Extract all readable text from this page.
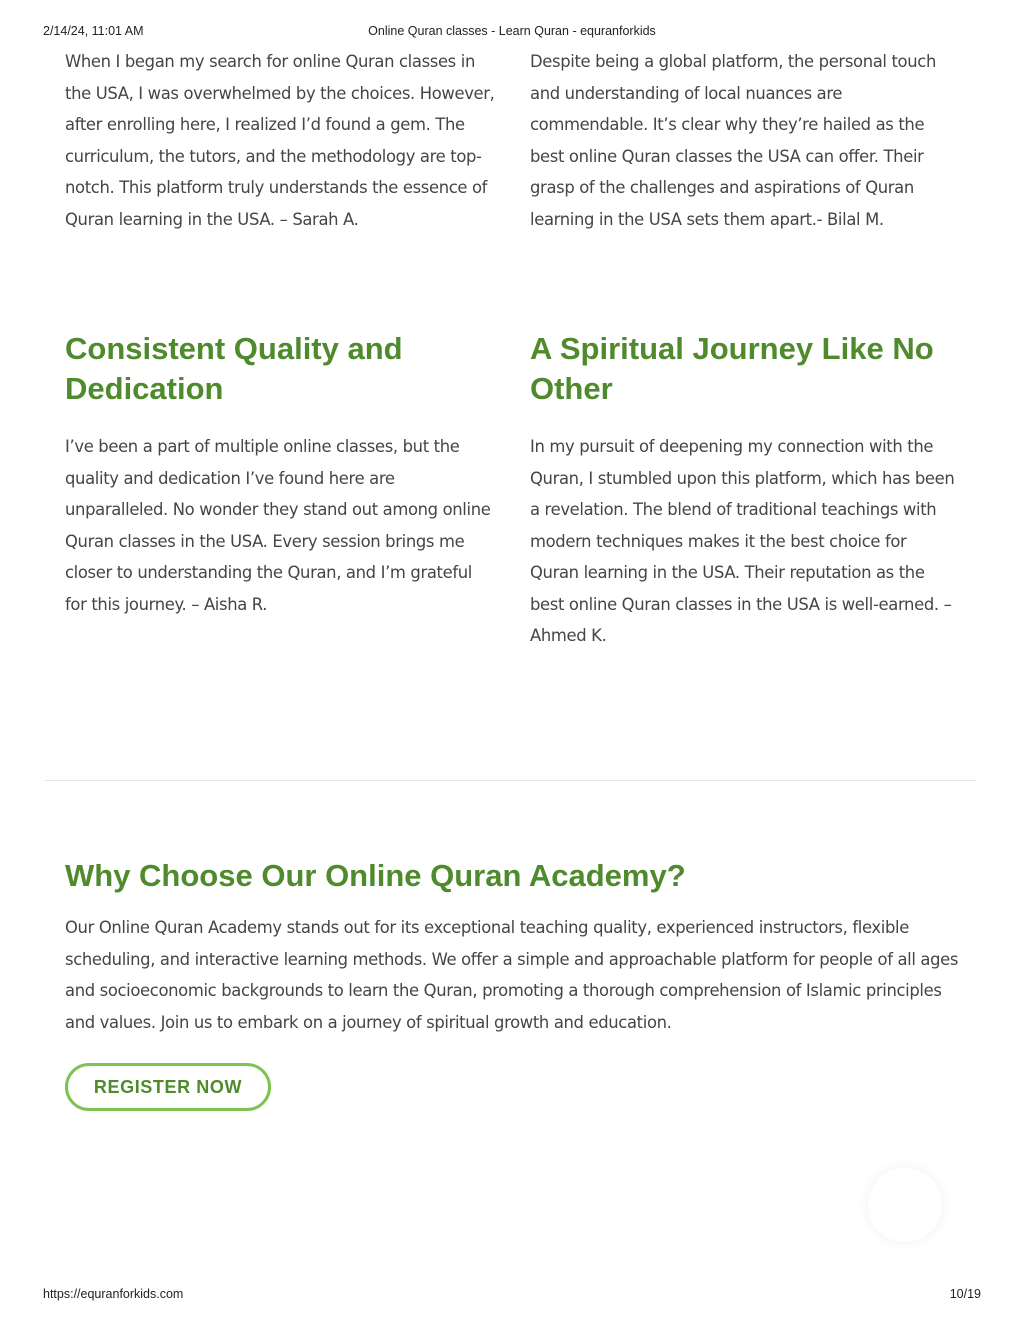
2/14/24, 11:01 AM	Online Quran classes - Learn Quran - equranforkids

When I began my search for online Quran classes in the USA, I was overwhelmed by the choices. However, after enrolling here, I realized I’d found a gem. The curriculum, the tutors, and the methodology are top-notch. This platform truly understands the essence of Quran learning in the USA. – Sarah A.

Despite being a global platform, the personal touch and understanding of local nuances are commendable. It’s clear why they’re hailed as the best online Quran classes the USA can offer. Their grasp of the challenges and aspirations of Quran learning in the USA sets them apart.- Bilal M.

Consistent Quality and Dedication

I’ve been a part of multiple online classes, but the quality and dedication I’ve found here are unparalleled. No wonder they stand out among online Quran classes in the USA. Every session brings me closer to understanding the Quran, and I’m grateful for this journey. – Aisha R.

A Spiritual Journey Like No Other

In my pursuit of deepening my connection with the Quran, I stumbled upon this platform, which has been a revelation. The blend of traditional teachings with modern techniques makes it the best choice for Quran learning in the USA. Their reputation as the best online Quran classes in the USA is well-earned. – Ahmed K.

Why Choose Our Online Quran Academy?

Our Online Quran Academy stands out for its exceptional teaching quality, experienced instructors, flexible scheduling, and interactive learning methods. We offer a simple and approachable platform for people of all ages and socioeconomic backgrounds to learn the Quran, promoting a thorough comprehension of Islamic principles and values. Join us to embark on a journey of spiritual growth and education.

REGISTER NOW
https://equranforkids.com	10/19
